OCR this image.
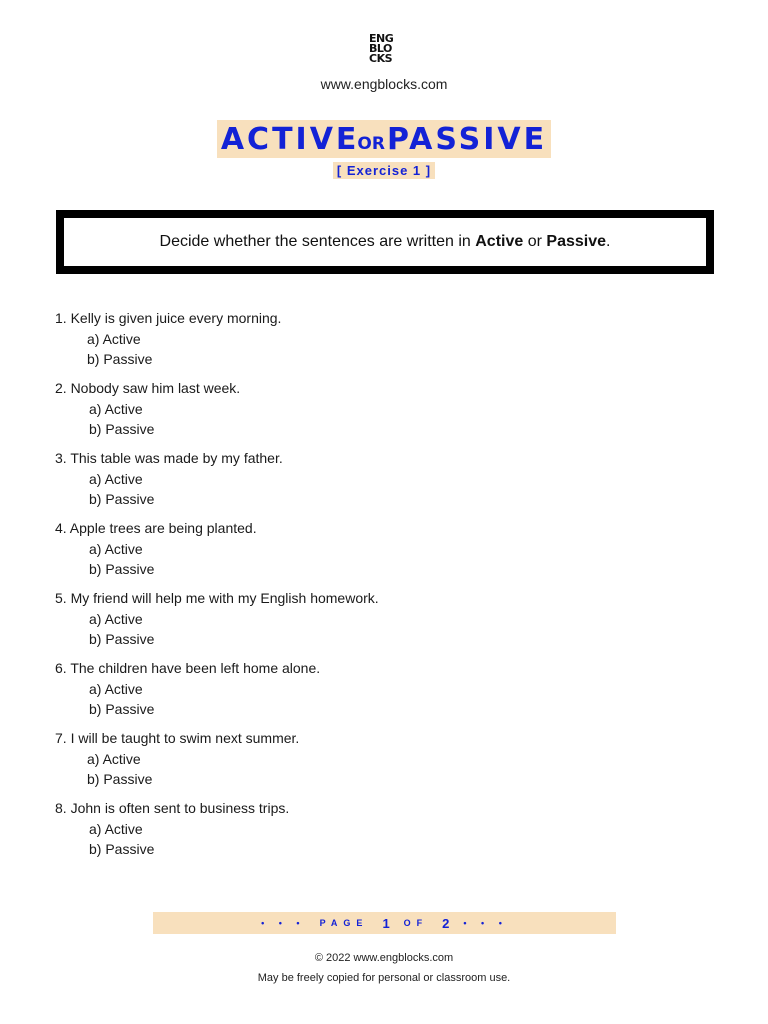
ENG
BLO
CKS
www.engblocks.com
ACTIVEORPASSIVE
[ Exercise 1 ]
Decide whether the sentences are written in Active or Passive.
1. Kelly is given juice every morning.
a) Active
b) Passive
2. Nobody saw him last week.
a) Active
b) Passive
3. This table was made by my father.
a) Active
b) Passive
4. Apple trees are being planted.
a) Active
b) Passive
5. My friend will help me with my English homework.
a) Active
b) Passive
6. The children have been left home alone.
a) Active
b) Passive
7. I will be taught to swim next summer.
a) Active
b) Passive
8. John is often sent to business trips.
a) Active
b) Passive
• • • PAGE 1 OF 2 • • •
© 2022 www.engblocks.com
May be freely copied for personal or classroom use.
